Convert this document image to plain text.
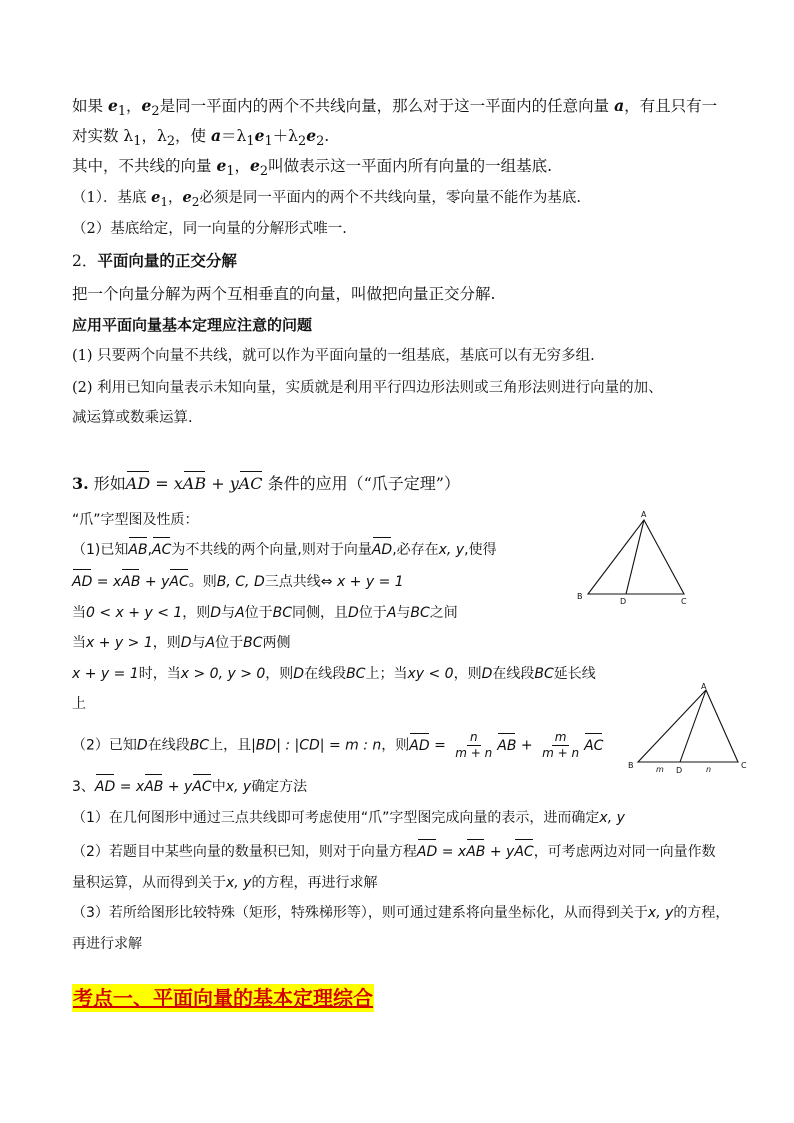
如果 $e_1$，$e_2$是同一平面内的两个不共线向量，那么对于这一平面内的任意向量 a，有且只有一
对实数 $\lambda_1$，$\lambda_2$，使 $a=\lambda_1e_1+\lambda_2e_2$.
其中，不共线的向量 $e_1$，$e_2$叫做表示这一平面内所有向量的一组基底.
（1）．基底 $e_1$，$e_2$必须是同一平面内的两个不共线向量，零向量不能作为基底.
（2）基底给定，同一向量的分解形式唯一.
2．平面向量的正交分解
把一个向量分解为两个互相垂直的向量，叫做把向量正交分解.
应用平面向量基本定理应注意的问题
(1) 只要两个向量不共线，就可以作为平面向量的一组基底，基底可以有无穷多组.
(2) 利用已知向量表示未知向量，实质就是利用平行四边形法则或三角形法则进行向量的加、
减运算或数乘运算.
3. 形如AD = xAB + yAC 条件的应用（“爪子定理”）
“爪”字型图及性质：
（1)已知AB,AC为不共线的两个向量,则对于向量AD,必存在x, y,使得
AD = xAB + yAC。则B, C, D三点共线⇔ x + y = 1
当0 < x + y < 1，则D与A位于BC同侧，且D位于A与BC之间
当x + y > 1，则D与A位于BC两侧
x + y = 1时，当x > 0, y > 0，则D在线段BC上；当xy < 0，则D在线段BC延长线
上
（2）已知D在线段BC上，且|BD| : |CD| = m : n，则AD = $\frac{n}{m + n}$ AB + $\frac{m}{m + n}$ AC
3、AD = xAB + yAC中x, y确定方法
（1）在几何图形中通过三点共线即可考虑使用“爪”字型图完成向量的表示，进而确定x, y
（2）若题目中某些向量的数量积已知，则对于向量方程AD = xAB + yAC，可考虑两边对同一向量作数
量积运算，从而得到关于x, y的方程，再进行求解
（3）若所给图形比较特殊（矩形，特殊梯形等），则可通过建系将向量坐标化，从而得到关于x, y的方程，
再进行求解
考点一、平面向量的基本定理综合
A
B
C
D
A
B	C
D
m	n
